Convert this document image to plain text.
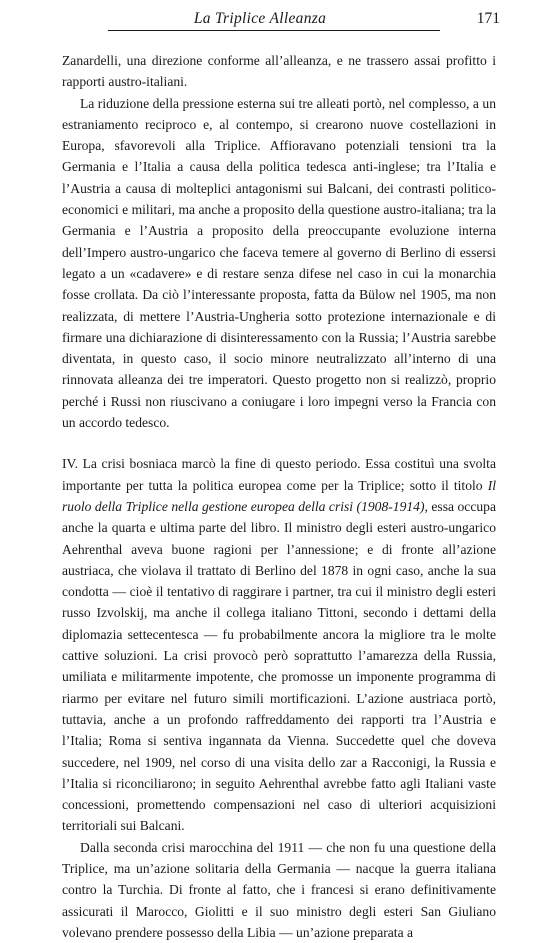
La Triplice Alleanza	171

Zanardelli, una direzione conforme all’alleanza, e ne trassero assai profitto i rapporti austro-italiani.

La riduzione della pressione esterna sui tre alleati portò, nel complesso, a un estraniamento reciproco e, al contempo, si crearono nuove costellazioni in Europa, sfavorevoli alla Triplice. Affioravano potenziali tensioni tra la Germania e l’Italia a causa della politica tedesca anti-inglese; tra l’Italia e l’Austria a causa di molteplici antagonismi sui Balcani, dei contrasti politico-economici e militari, ma anche a proposito della questione austro-italiana; tra la Germania e l’Austria a proposito della preoccupante evoluzione interna dell’Impero austro-ungarico che faceva temere al governo di Berlino di essersi legato a un «cadavere» e di restare senza difese nel caso in cui la monarchia fosse crollata. Da ciò l’interessante proposta, fatta da Bülow nel 1905, ma non realizzata, di mettere l’Austria-Ungheria sotto protezione internazionale e di firmare una dichiarazione di disinteressamento con la Russia; l’Austria sarebbe diventata, in questo caso, il socio minore neutralizzato all’interno di una rinnovata alleanza dei tre imperatori. Questo progetto non si realizzò, proprio perché i Russi non riuscivano a coniugare i loro impegni verso la Francia con un accordo tedesco.

IV. La crisi bosniaca marcò la fine di questo periodo. Essa costituì una svolta importante per tutta la politica europea come per la Triplice; sotto il titolo Il ruolo della Triplice nella gestione europea della crisi (1908-1914), essa occupa anche la quarta e ultima parte del libro. Il ministro degli esteri austro-ungarico Aehrenthal aveva buone ragioni per l’annessione; e di fronte all’azione austriaca, che violava il trattato di Berlino del 1878 in ogni caso, anche la sua condotta — cioè il tentativo di raggirare i partner, tra cui il ministro degli esteri russo Izvolskij, ma anche il collega italiano Tittoni, secondo i dettami della diplomazia settecentesca — fu probabilmente ancora la migliore tra le molte cattive soluzioni. La crisi provocò però soprattutto l’amarezza della Russia, umiliata e militarmente impotente, che promosse un imponente programma di riarmo per evitare nel futuro simili mortificazioni. L’azione austriaca portò, tuttavia, anche a un profondo raffreddamento dei rapporti tra l’Austria e l’Italia; Roma si sentiva ingannata da Vienna. Succedette quel che doveva succedere, nel 1909, nel corso di una visita dello zar a Racconigi, la Russia e l’Italia si riconciliarono; in seguito Aehrenthal avrebbe fatto agli Italiani vaste concessioni, promettendo compensazioni nel caso di ulteriori acquisizioni territoriali sui Balcani.

Dalla seconda crisi marocchina del 1911 — che non fu una questione della Triplice, ma un’azione solitaria della Germania — nacque la guerra italiana contro la Turchia. Di fronte al fatto, che i francesi si erano definitivamente assicurati il Marocco, Giolitti e il suo ministro degli esteri San Giuliano volevano prendere possesso della Libia — un’azione preparata a
